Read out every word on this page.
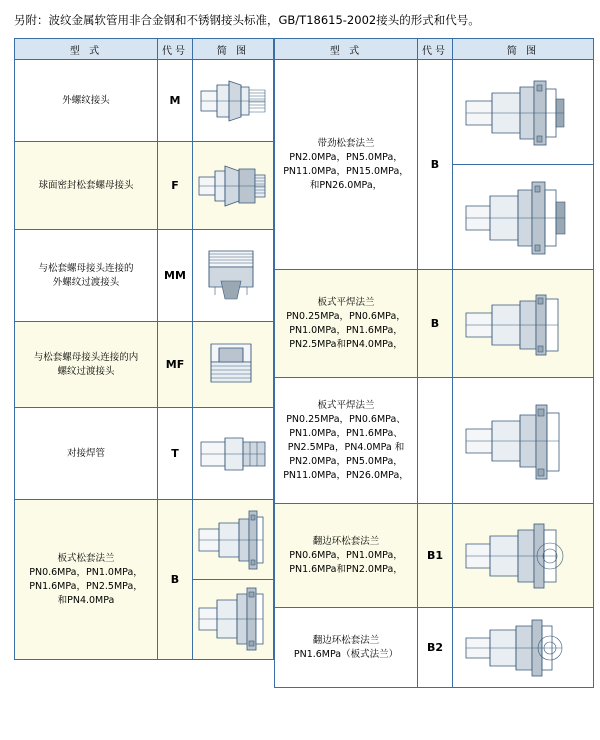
另附：波纹金属软管用非合金钢和不锈钢接头标准，GB/T18615-2002接头的形式和代号。
型 式	代号	简 图
外螺纹接头	M	

球面密封松套螺母接头	F	

与松套螺母接头连接的
外螺纹过渡接头	MM	

与松套螺母接头连接的内
螺纹过渡接头	MF	

对接焊管	T	

板式松套法兰
PN0.6MPa，PN1.0MPa，
PN1.6MPa，PN2.5MPa，
和PN4.0MPa	B	
型 式	代号	简 图
带劲松套法兰
PN2.0MPa，PN5.0MPa，
PN11.0MPa，PN15.0MPa，
和PN26.0MPa，	B	

板式平焊法兰
PN0.25MPa，PN0.6MPa，
PN1.0MPa，PN1.6MPa，
PN2.5MPa和PN4.0MPa，	B	

板式平焊法兰
PN0.25MPa，PN0.6MPa、
PN1.0MPa，PN1.6MPa、
PN2.5MPa，PN4.0MPa 和
PN2.0MPa，PN5.0MPa，
PN11.0MPa，PN26.0MPa，		

翻边环松套法兰
PN0.6MPa，PN1.0MPa，
PN1.6MPa和PN2.0MPa，	B1	

翻边环松套法兰
PN1.6MPa（板式法兰）	B2	
